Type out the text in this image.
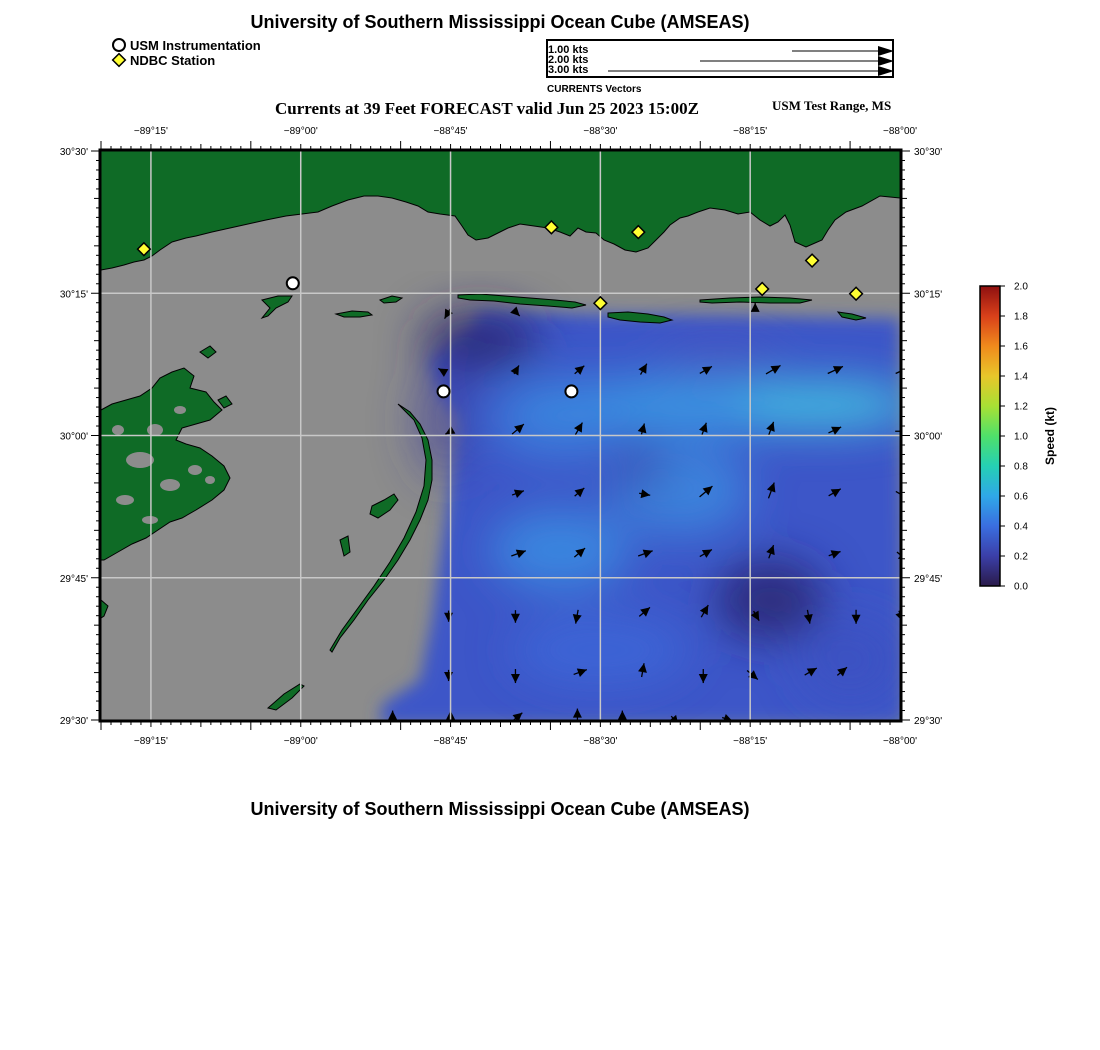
University of Southern Mississippi Ocean Cube (AMSEAS)
USM Instrumentation
NDBC Station
1.00 kts
2.00 kts
3.00 kts
CURRENTS Vectors
Currents at 39 Feet FORECAST valid Jun 25 2023 15:00Z	USM Test Range, MS
−89°15'
−89°15'
−89°00'
−89°00'
−88°45'
−88°45'
−88°30'
−88°30'
−88°15'
−88°15'
−88°00'
−88°00'
30°30'	30°30'
30°15'	30°15'
30°00'	30°00'
29°45'	29°45'
29°30'	29°30'
0.0
0.2
0.4
0.6
0.8
1.0
1.2
1.4
1.6
1.8
2.0
Speed (kt)
University of Southern Mississippi Ocean Cube (AMSEAS)
